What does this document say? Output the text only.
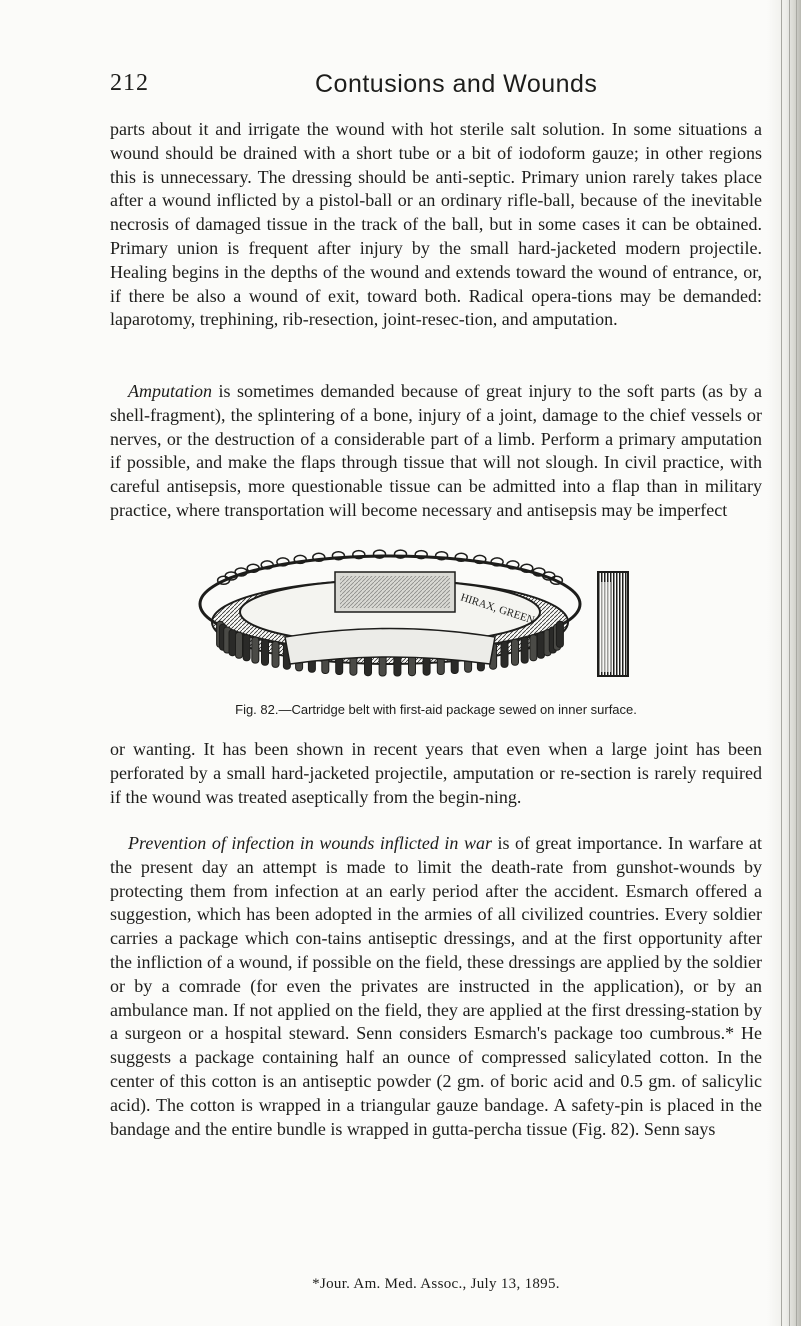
212	Contusions and Wounds

parts about it and irrigate the wound with hot sterile salt solution. In some situations a wound should be drained with a short tube or a bit of iodoform gauze; in other regions this is unnecessary. The dressing should be anti-septic. Primary union rarely takes place after a wound inflicted by a pistol-ball or an ordinary rifle-ball, because of the inevitable necrosis of damaged tissue in the track of the ball, but in some cases it can be obtained. Primary union is frequent after injury by the small hard-jacketed modern projectile. Healing begins in the depths of the wound and extends toward the wound of entrance, or, if there be also a wound of exit, toward both. Radical opera-tions may be demanded: laparotomy, trephining, rib-resection, joint-resec-tion, and amputation.

Amputation is sometimes demanded because of great injury to the soft parts (as by a shell-fragment), the splintering of a bone, injury of a joint, damage to the chief vessels or nerves, or the destruction of a considerable part of a limb. Perform a primary amputation if possible, and make the flaps through tissue that will not slough. In civil practice, with careful antisepsis, more questionable tissue can be admitted into a flap than in military practice, where transportation will become necessary and antisepsis may be imperfect

HIRAX, GREEN
Fig. 82.—Cartridge belt with first-aid package sewed on inner surface.

or wanting. It has been shown in recent years that even when a large joint has been perforated by a small hard-jacketed projectile, amputation or re-section is rarely required if the wound was treated aseptically from the begin-ning.

Prevention of infection in wounds inflicted in war is of great importance. In warfare at the present day an attempt is made to limit the death-rate from gunshot-wounds by protecting them from infection at an early period after the accident. Esmarch offered a suggestion, which has been adopted in the armies of all civilized countries. Every soldier carries a package which con-tains antiseptic dressings, and at the first opportunity after the infliction of a wound, if possible on the field, these dressings are applied by the soldier or by a comrade (for even the privates are instructed in the application), or by an ambulance man. If not applied on the field, they are applied at the first dressing-station by a surgeon or a hospital steward. Senn considers Esmarch's package too cumbrous.* He suggests a package containing half an ounce of compressed salicylated cotton. In the center of this cotton is an antiseptic powder (2 gm. of boric acid and 0.5 gm. of salicylic acid). The cotton is wrapped in a triangular gauze bandage. A safety-pin is placed in the bandage and the entire bundle is wrapped in gutta-percha tissue (Fig. 82). Senn says

*Jour. Am. Med. Assoc., July 13, 1895.
